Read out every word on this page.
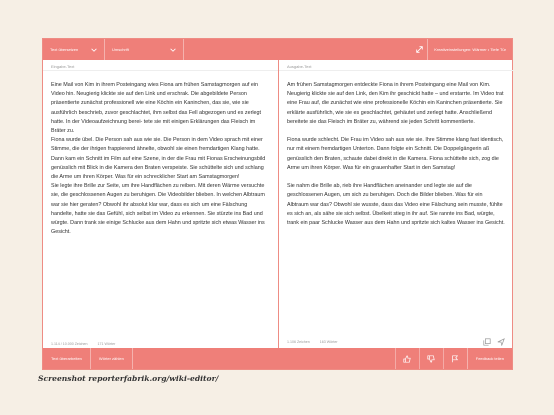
Text übersetzen	Umschrift	Kreativeinstellungen: Wärmer • Tiefe Tür
Eingabe-Text
Eine Mail von Kim in ihrem Posteingang wies Fiona am frühen Samstagmorgen auf ein Video hin. Neugierig klickte sie auf den Link und erschrak. Die abgebildete Person präsentierte zunächst professionell wie eine Köchin ein Kaninchen, das sie, wie sie ausführlich beschrieb, zuvor geschlachtet, ihm selbst das Fell abgezogen und es zerlegt hatte. In der Videoaufzeichnung berei- tete sie mit einigen Erklärungen das Fleisch im Bräter zu.
Fiona wurde übel. Die Person sah aus wie sie. Die Person in dem Video sprach mit einer Stimme, die der ihrigen frappierend ähnelte, obwohl sie einen fremdartigen Klang hatte. Dann kam ein Schnitt im Film auf eine Szene, in der die Frau mit Fionas Erscheinungsbild genüsslich mit Blick in die Kamera den Braten verspeiste. Sie schüttelte sich und schlang die Arme um ihren Körper. Was für ein schrecklicher Start am Samstagmorgen!
Sie legte ihre Brille zur Seite, um ihre Handflächen zu reiben. Mit deren Wärme versuchte sie, die geschlossenen Augen zu beruhigen. Die Videobilder blieben. In welchen Albtraum war sie hier geraten? Obwohl ihr absolut klar war, dass es sich um eine Fälschung handelte, hatte sie das Gefühl, sich selbst im Video zu erkennen. Sie stürzte ins Bad und würgte. Dann trank sie einige Schlucke aus dem Hahn und spritzte sich etwas Wasser ins Gesicht.
1.114 / 10.000 Zeichen	171 Wörter
Ausgabe-Text
Am frühen Samstagmorgen entdeckte Fiona in ihrem Posteingang eine Mail von Kim. Neugierig klickte sie auf den Link, den Kim ihr geschickt hatte – und erstarrte. Im Video trat eine Frau auf, die zunächst wie eine professionelle Köchin ein Kaninchen präsentierte. Sie erklärte ausführlich, wie sie es geschlachtet, gehäutet und zerlegt hatte. Anschließend bereitete sie das Fleisch im Bräter zu, während sie jeden Schritt kommentierte.

Fiona wurde schlecht. Die Frau im Video sah aus wie sie. Ihre Stimme klang fast identisch, nur mit einem fremdartigen Unterton. Dann folgte ein Schnitt. Die Doppelgängerin aß genüsslich den Braten, schaute dabei direkt in die Kamera. Fiona schüttelte sich, zog die Arme um ihren Körper. Was für ein grauenhafter Start in den Samstag!

Sie nahm die Brille ab, rieb ihre Handflächen aneinander und legte sie auf die geschlossenen Augen, um sich zu beruhigen. Doch die Bilder blieben. Was für ein Albtraum war das? Obwohl sie wusste, dass das Video eine Fälschung sein musste, fühlte es sich an, als sähe sie sich selbst. Übelkeit stieg in ihr auf. Sie rannte ins Bad, würgte, trank ein paar Schlucke Wasser aus dem Hahn und spritzte sich kaltes Wasser ins Gesicht.
1.106 Zeichen	163 Wörter
Text überarbeiten	Wörter zählen	Feedback teilen
Screenshot reporterfabrik.org/wiki-editor/
